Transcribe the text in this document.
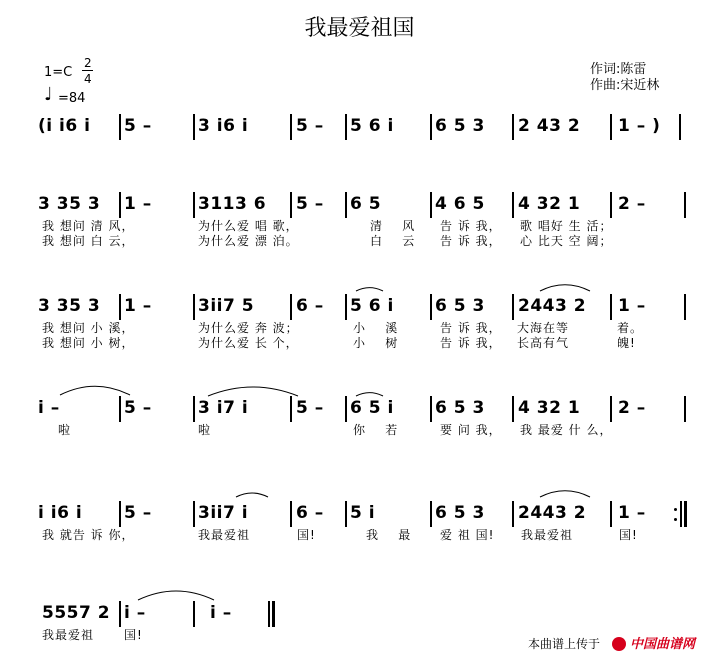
我最爱祖国
1=C
2
4
♩ =84
作词:陈雷
作曲:宋近林
(i i6 i 5 –	3 i6 i	5 – 5 6 i 6 5 3 2 43 2 1 – )
3 35 3 1 –	3113 6 5 – 6 5	4 6 5 4 32 1 2 –
我 想问 清 风，	为什么爱 唱 歌，	清    风 告 诉 我， 歌 唱好 生 活；
我 想问 白 云，	为什么爱 漂 泊。	白    云 告 诉 我， 心 比天 空 阔；
3 35 3 1 –	3ii7 5 6 – 5 6 i 6 5 3 2443 2 1 –
我 想问 小 溪，	为什么爱 奔 波；	小    溪	告 诉 我， 大海在等	着。
我 想问 小 树，	为什么爱 长 个，	小    树	告 诉 我， 长高有气	魄!
i –	5 –	3 i7 i	5 – 6 5 i 6 5 3 4 32 1 2 –
啦	啦	你    若	要 问 我， 我 最爱 什 么，
i i6 i 5 –	3ii7 i	6 – 5 i	6 5 3 2443 2 1 –
我 就告 诉 你，	我最爱祖	国!	我    最 爱 祖 国! 我最爱祖	国!
5557 2 i –	i –
我最爱祖 国!
本曲谱上传于 中国曲谱网
